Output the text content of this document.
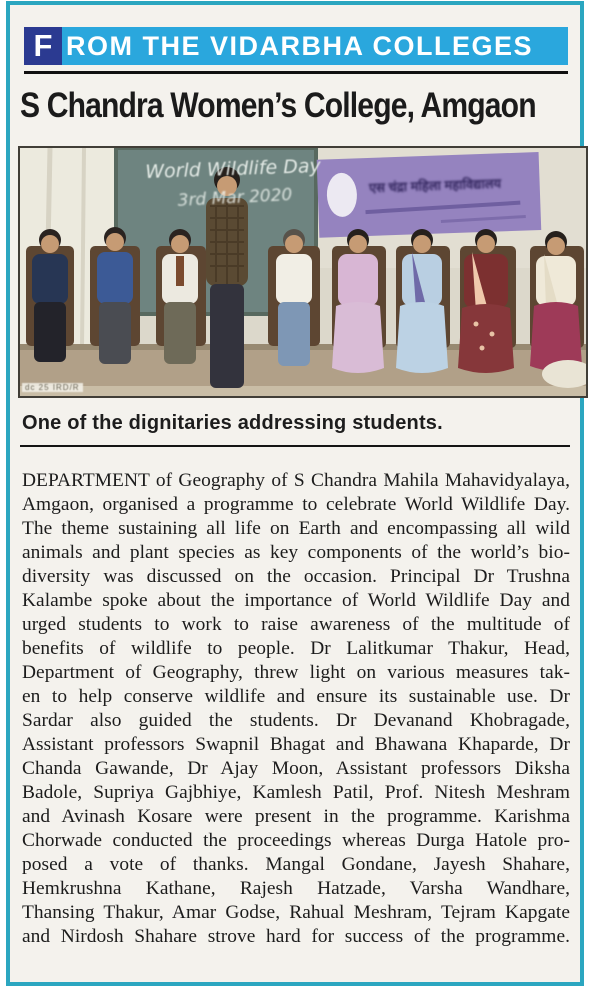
F ROM THE VIDARBHA COLLEGES
S Chandra Women’s College, Amgaon
World Wildlife Day
3rd Mar 2020	एस चंद्रा महिला महाविद्यालय
dc 25 IRD/R
One of the dignitaries addressing students.
DEPARTMENT of Geography of S Chandra Mahila Mahavidyalaya,
Amgaon, organised a programme to celebrate World Wildlife Day.
The theme sustaining all life on Earth and encompassing all wild
animals and plant species as key components of the world’s bio-
diversity was discussed on the occasion. Principal Dr Trushna
Kalambe spoke about the importance of World Wildlife Day and
urged students to work to raise awareness of the multitude of
benefits of wildlife to people. Dr Lalitkumar Thakur, Head,
Department of Geography, threw light on various measures tak-
en to help conserve wildlife and ensure its sustainable use. Dr
Sardar also guided the students. Dr Devanand Khobragade,
Assistant professors Swapnil Bhagat and Bhawana Khaparde, Dr
Chanda Gawande, Dr Ajay Moon, Assistant professors Diksha
Badole, Supriya Gajbhiye, Kamlesh Patil, Prof. Nitesh Meshram
and Avinash Kosare were present in the programme. Karishma
Chorwade conducted the proceedings whereas Durga Hatole pro-
posed a vote of thanks. Mangal Gondane, Jayesh Shahare,
Hemkrushna Kathane, Rajesh Hatzade, Varsha Wandhare,
Thansing Thakur, Amar Godse, Rahual Meshram, Tejram Kapgate
and Nirdosh Shahare strove hard for success of the programme.
